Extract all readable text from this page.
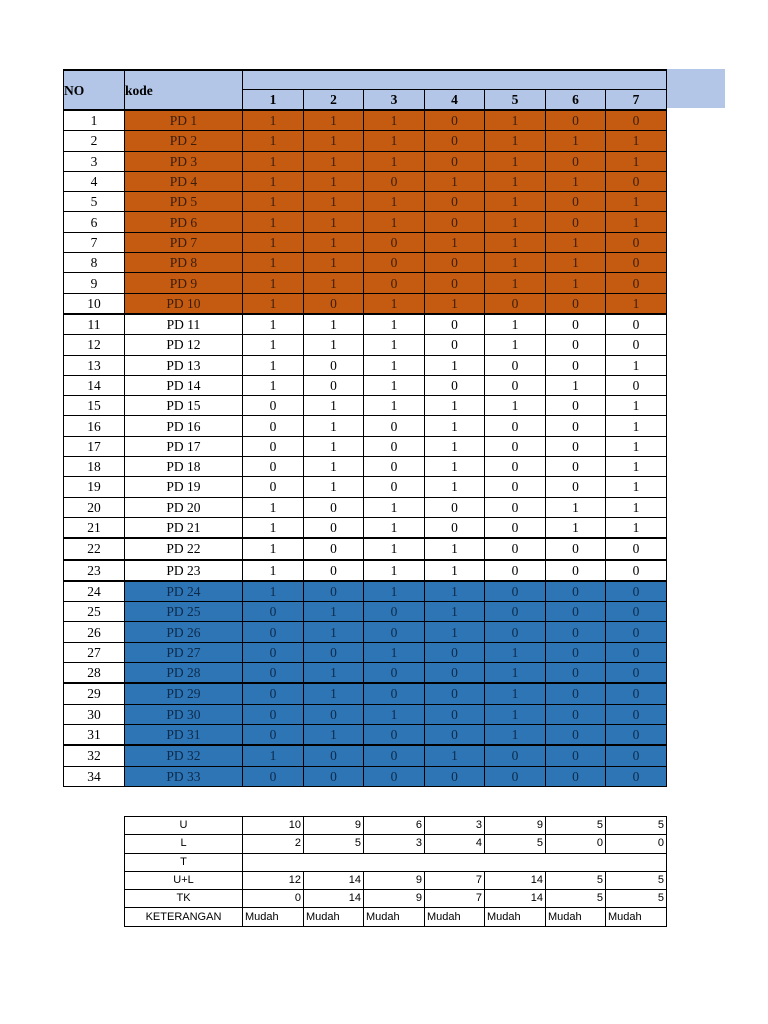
NO	kode							
		1	2	3	4	5	6	7
1	PD 1	1	1	1	0	1	0	0
2	PD 2	1	1	1	0	1	1	1
3	PD 3	1	1	1	0	1	0	1
4	PD 4	1	1	0	1	1	1	0
5	PD 5	1	1	1	0	1	0	1
6	PD 6	1	1	1	0	1	0	1
7	PD 7	1	1	0	1	1	1	0
8	PD 8	1	1	0	0	1	1	0
9	PD 9	1	1	0	0	1	1	0
10	PD 10	1	0	1	1	0	0	1
11	PD 11	1	1	1	0	1	0	0
12	PD 12	1	1	1	0	1	0	0
13	PD 13	1	0	1	1	0	0	1
14	PD 14	1	0	1	0	0	1	0
15	PD 15	0	1	1	1	1	0	1
16	PD 16	0	1	0	1	0	0	1
17	PD 17	0	1	0	1	0	0	1
18	PD 18	0	1	0	1	0	0	1
19	PD 19	0	1	0	1	0	0	1
20	PD 20	1	0	1	0	0	1	1
21	PD 21	1	0	1	0	0	1	1
22	PD 22	1	0	1	1	0	0	0
23	PD 23	1	0	1	1	0	0	0
24	PD 24	1	0	1	1	0	0	0
25	PD 25	0	1	0	1	0	0	0
26	PD 26	0	1	0	1	0	0	0
27	PD 27	0	0	1	0	1	0	0
28	PD 28	0	1	0	0	1	0	0
29	PD 29	0	1	0	0	1	0	0
30	PD 30	0	0	1	0	1	0	0
31	PD 31	0	1	0	0	1	0	0
32	PD 32	1	0	0	1	0	0	0
34	PD 33	0	0	0	0	0	0	0
U	10	9	6	3	9	5	5
L	2	5	3	4	5	0	0
T							
U+L	12	14	9	7	14	5	5
TK	0	14	9	7	14	5	5
KETERANGAN	Mudah	Mudah	Mudah	Mudah	Mudah	Mudah	Mudah
